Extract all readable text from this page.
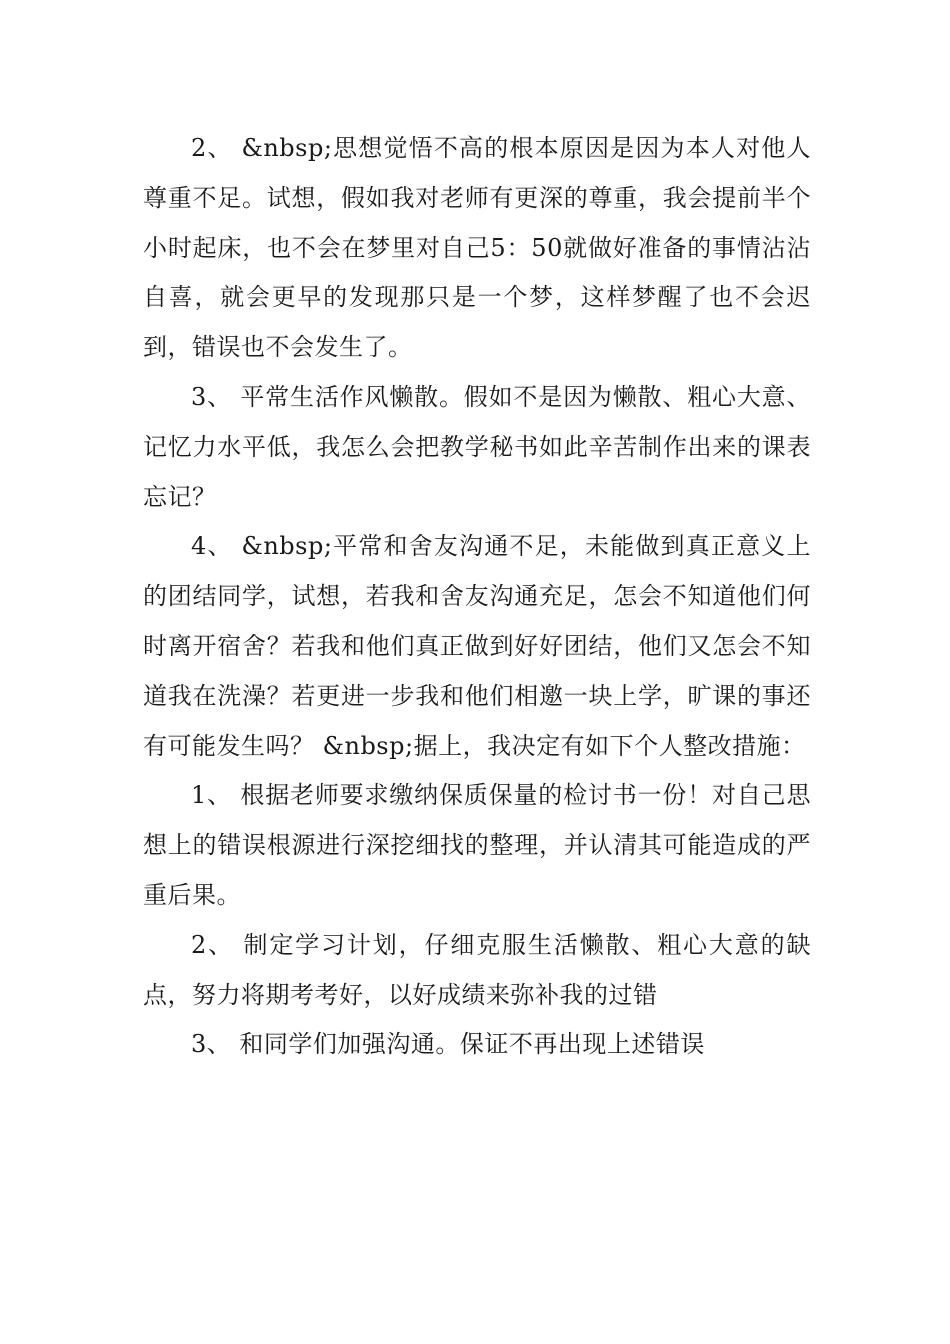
2、 &nbsp;思想觉悟不高的根本原因是因为本人对他人尊重不足。试想，假如我对老师有更深的尊重，我会提前半个小时起床，也不会在梦里对自己5：50就做好准备的事情沾沾自喜，就会更早的发现那只是一个梦，这样梦醒了也不会迟到，错误也不会发生了。

3、 平常生活作风懒散。假如不是因为懒散、粗心大意、记忆力水平低，我怎么会把教学秘书如此辛苦制作出来的课表忘记？

4、 &nbsp;平常和舍友沟通不足，未能做到真正意义上的团结同学，试想，若我和舍友沟通充足，怎会不知道他们何时离开宿舍？若我和他们真正做到好好团结，他们又怎会不知道我在洗澡？若更进一步我和他们相邀一块上学，旷课的事还有可能发生吗？ &nbsp;据上，我决定有如下个人整改措施：

1、 根据老师要求缴纳保质保量的检讨书一份！对自己思想上的错误根源进行深挖细找的整理，并认清其可能造成的严重后果。

2、 制定学习计划，仔细克服生活懒散、粗心大意的缺点，努力将期考考好，以好成绩来弥补我的过错

3、 和同学们加强沟通。保证不再出现上述错误
